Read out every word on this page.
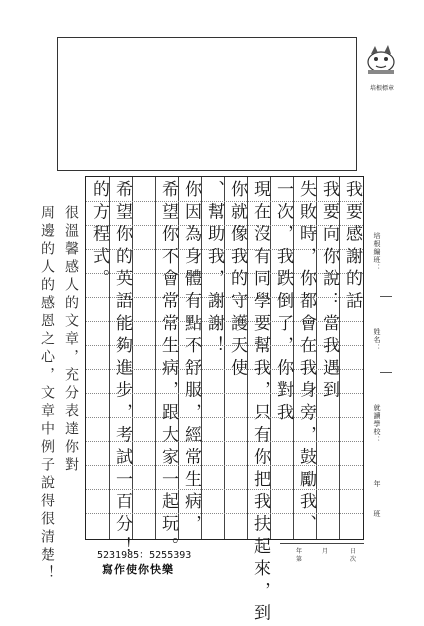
培根標章
我要感謝的話
我要向你說：當我遇到
失敗時，你都會在我身旁，鼓勵我、
一次，我跌倒了，你對我
現在沒有同學要幫我，只有你把我扶起來，到
你就像我的守護天使
、幫助我，謝謝！
你因為身體有點不舒服，經常生病，
希望你不會常常生病，跟大家一起玩。
希望你的英語能夠進步，考試一百分！
的方程式。
很溫馨感人的文章，充分表達你對
周邊的人的感恩之心，文章中例子說得很清楚！	培根編班：
姓名：
就讀學校：
年
班
年	月	日
第	次
5231985：5255393
寫作使你快樂
